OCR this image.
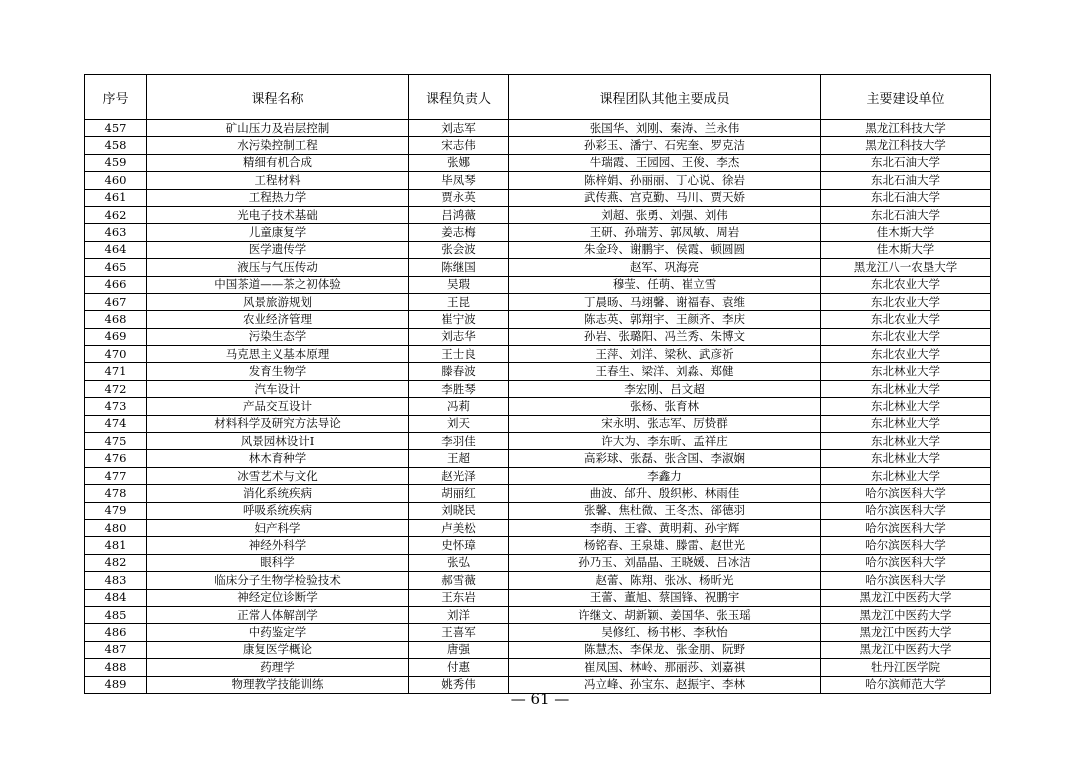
序号	课程名称	课程负责人	课程团队其他主要成员	主要建设单位
457	矿山压力及岩层控制	刘志军	张国华、刘刚、秦涛、兰永伟	黑龙江科技大学
458	水污染控制工程	宋志伟	孙彩玉、潘宁、石宪奎、罗克洁	黑龙江科技大学
459	精细有机合成	张娜	牛瑞霞、王园园、王俊、李杰	东北石油大学
460	工程材料	毕凤琴	陈梓娟、孙丽丽、丁心说、徐岩	东北石油大学
461	工程热力学	贾永英	武传燕、宫克勤、马川、贾天娇	东北石油大学
462	光电子技术基础	吕鸿薇	刘超、张勇、刘强、刘伟	东北石油大学
463	儿童康复学	姜志梅	王研、孙瑞芳、郭凤敏、周岩	佳木斯大学
464	医学遗传学	张会波	朱金玲、谢鹏宇、侯霞、顿圆圆	佳木斯大学
465	液压与气压传动	陈继国	赵军、巩海亮	黑龙江八一农垦大学
466	中国茶道——茶之初体验	吴瑕	穆莹、任萌、崔立雪	东北农业大学
467	风景旅游规划	王昆	丁晨旸、马翊馨、谢福春、袁维	东北农业大学
468	农业经济管理	崔宁波	陈志英、郭翔宇、王颜齐、李庆	东北农业大学
469	污染生态学	刘志华	孙岩、张璐阳、冯兰秀、朱博文	东北农业大学
470	马克思主义基本原理	王士良	王萍、刘洋、梁秋、武彦祈	东北农业大学
471	发育生物学	滕春波	王春生、梁洋、刘淼、郑健	东北林业大学
472	汽车设计	李胜琴	李宏刚、吕文超	东北林业大学
473	产品交互设计	冯莉	张杨、张育林	东北林业大学
474	材料科学及研究方法导论	刘天	宋永明、张志军、厉贽群	东北林业大学
475	风景园林设计Ⅰ	李羽佳	许大为、李东昕、孟祥庄	东北林业大学
476	林木育种学	王超	高彩球、张磊、张含国、李淑娴	东北林业大学
477	冰雪艺术与文化	赵光泽	李鑫力	东北林业大学
478	消化系统疾病	胡丽红	曲波、邰升、殷织彬、林雨佳	哈尔滨医科大学
479	呼吸系统疾病	刘晓民	张馨、焦杜微、王冬杰、郤德羽	哈尔滨医科大学
480	妇产科学	卢美松	李萌、王睿、黄明莉、孙宇辉	哈尔滨医科大学
481	神经外科学	史怀璋	杨铭春、王泉雄、滕雷、赵世光	哈尔滨医科大学
482	眼科学	张弘	孙乃玉、刘晶晶、王晓媛、吕冰洁	哈尔滨医科大学
483	临床分子生物学检验技术	郝雪薇	赵蕾、陈翔、张冰、杨昕光	哈尔滨医科大学
484	神经定位诊断学	王东岩	王蕾、董旭、蔡国锋、祝鹏宇	黑龙江中医药大学
485	正常人体解剖学	刘洋	许继文、胡新颖、姜国华、张玉瑶	黑龙江中医药大学
486	中药鉴定学	王喜军	吴修红、杨书彬、李秋怡	黑龙江中医药大学
487	康复医学概论	唐强	陈慧杰、李保龙、张金朋、阮野	黑龙江中医药大学
488	药理学	付惠	崔凤国、林岭、那丽莎、刘嘉祺	牡丹江医学院
489	物理教学技能训练	姚秀伟	冯立峰、孙宝东、赵振宇、李林	哈尔滨师范大学
— 61 —
